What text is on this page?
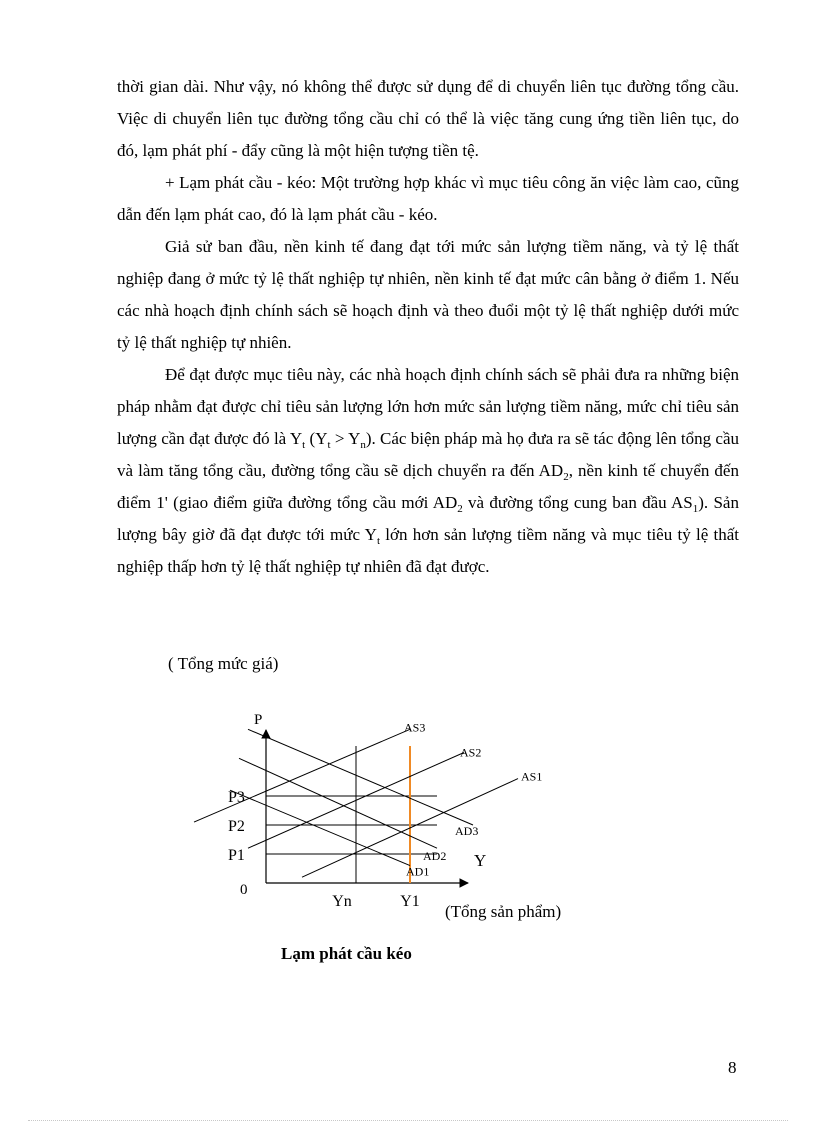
thời gian dài. Như vậy, nó không thể được sử dụng để di chuyển liên tục đường tổng cầu. Việc di chuyển liên tục đường tổng cầu chỉ có thể là việc tăng cung ứng tiền liên tục, do đó, lạm phát phí - đẩy cũng là một hiện tượng tiền tệ.

+ Lạm phát cầu - kéo: Một trường hợp khác vì mục tiêu công ăn việc làm cao, cũng dẫn đến lạm phát cao, đó là lạm phát cầu - kéo.

Giả sử ban đầu, nền kinh tế đang đạt tới mức sản lượng tiềm năng, và tỷ lệ thất nghiệp đang ở mức tỷ lệ thất nghiệp tự nhiên, nền kinh tế đạt mức cân bằng ở điểm 1. Nếu các nhà hoạch định chính sách sẽ hoạch định và theo đuổi một tỷ lệ thất nghiệp dưới mức tỷ lệ thất nghiệp tự nhiên.

Để đạt được mục tiêu này, các nhà hoạch định chính sách sẽ phải đưa ra những biện pháp nhằm đạt được chỉ tiêu sản lượng lớn hơn mức sản lượng tiềm năng, mức chỉ tiêu sản lượng cần đạt được đó là $Y_t$ $(Y_t > Y_n)$. Các biện pháp mà họ đưa ra sẽ tác động lên tổng cầu và làm tăng tổng cầu, đường tổng cầu sẽ dịch chuyển ra đến $AD_2$, nền kinh tế chuyển đến điểm 1' (giao điểm giữa đường tổng cầu mới $AD_2$ và đường tổng cung ban đầu $AS_1$). Sản lượng bây giờ đã đạt được tới mức $Y_t$ lớn hơn sản lượng tiềm năng và mục tiêu tỷ lệ thất nghiệp thấp hơn tỷ lệ thất nghiệp tự nhiên đã đạt được.

P
Y
0
P1
P2
P3
Yn	Y1
AS1
AS2
AS3
AD1
AD2
AD3
( Tổng mức giá)
(Tổng sản phẩm)
Lạm phát cầu kéo
8
